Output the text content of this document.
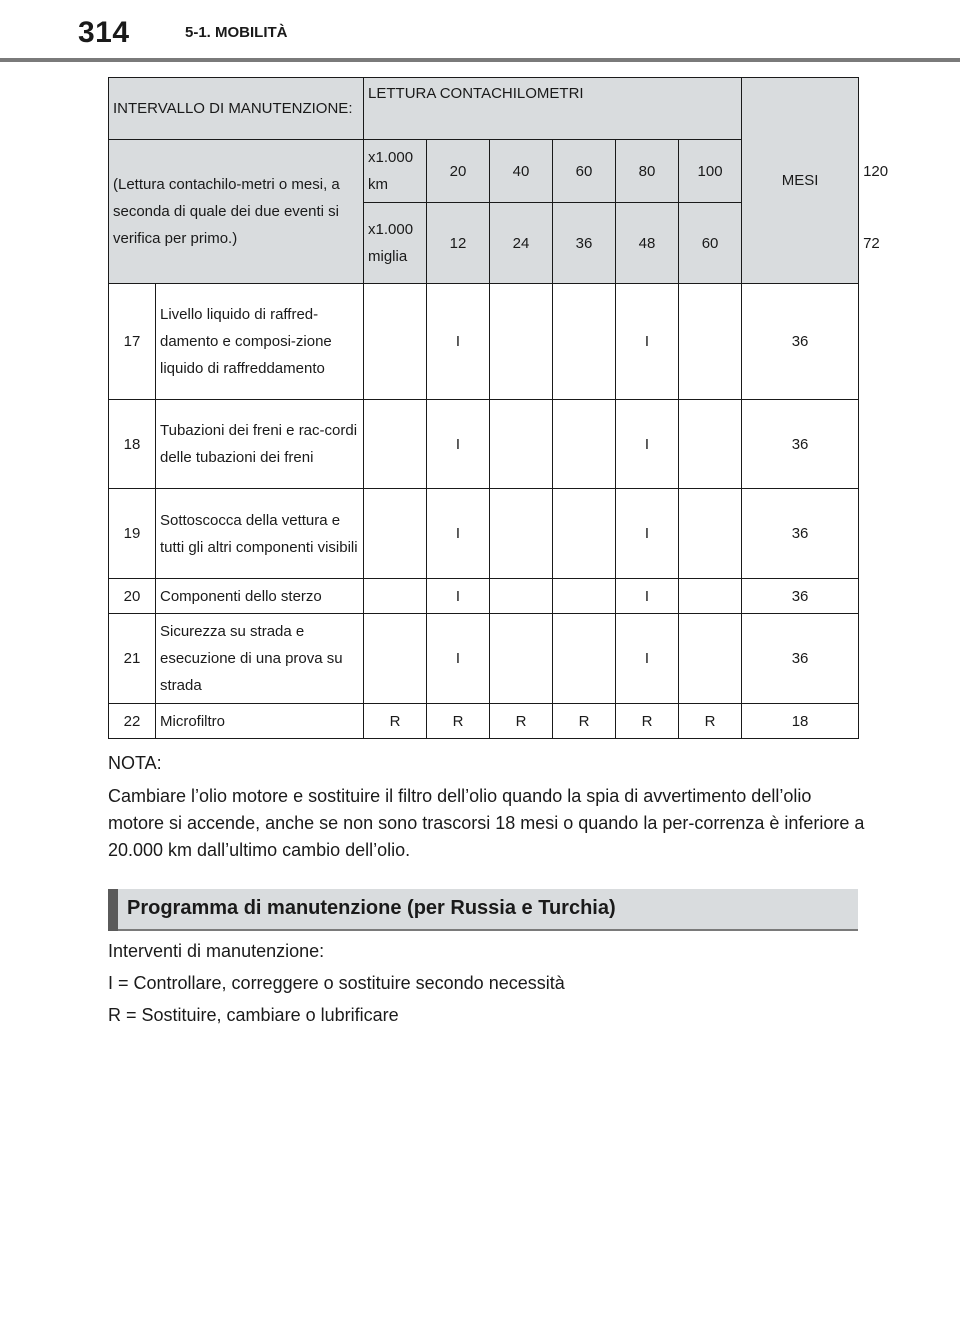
314	5-1. MOBILITÀ
INTERVALLO DI MANUTENZIONE:		LETTURA CONTACHILOMETRI						MESI	
(Lettura contachilo-metri o mesi, a seconda di quale dei due eventi si verifica per primo.)		x1.000 km	20	40	60	80	100		120
		x1.000 miglia	12	24	36	48	60		72
17	Livello liquido di raffred-damento e composi-zione liquido di raffreddamento		I			I		36	
18	Tubazioni dei freni e rac-cordi delle tubazioni dei freni		I			I		36	
19	Sottoscocca della vettura e tutti gli altri componenti visibili		I			I		36	
20	Componenti dello sterzo		I			I		36	
21	Sicurezza su strada e esecuzione di una prova su strada		I			I		36	
22	Microfiltro	R	R	R	R	R	R	18	

NOTA:

Cambiare l’olio motore e sostituire il filtro dell’olio quando la spia di avvertimento dell’olio motore si accende, anche se non sono trascorsi 18 mesi o quando la per-correnza è inferiore a 20.000 km dall’ultimo cambio dell’olio.

Programma di manutenzione (per Russia e Turchia)

Interventi di manutenzione:

I = Controllare, correggere o sostituire secondo necessità

R = Sostituire, cambiare o lubrificare
